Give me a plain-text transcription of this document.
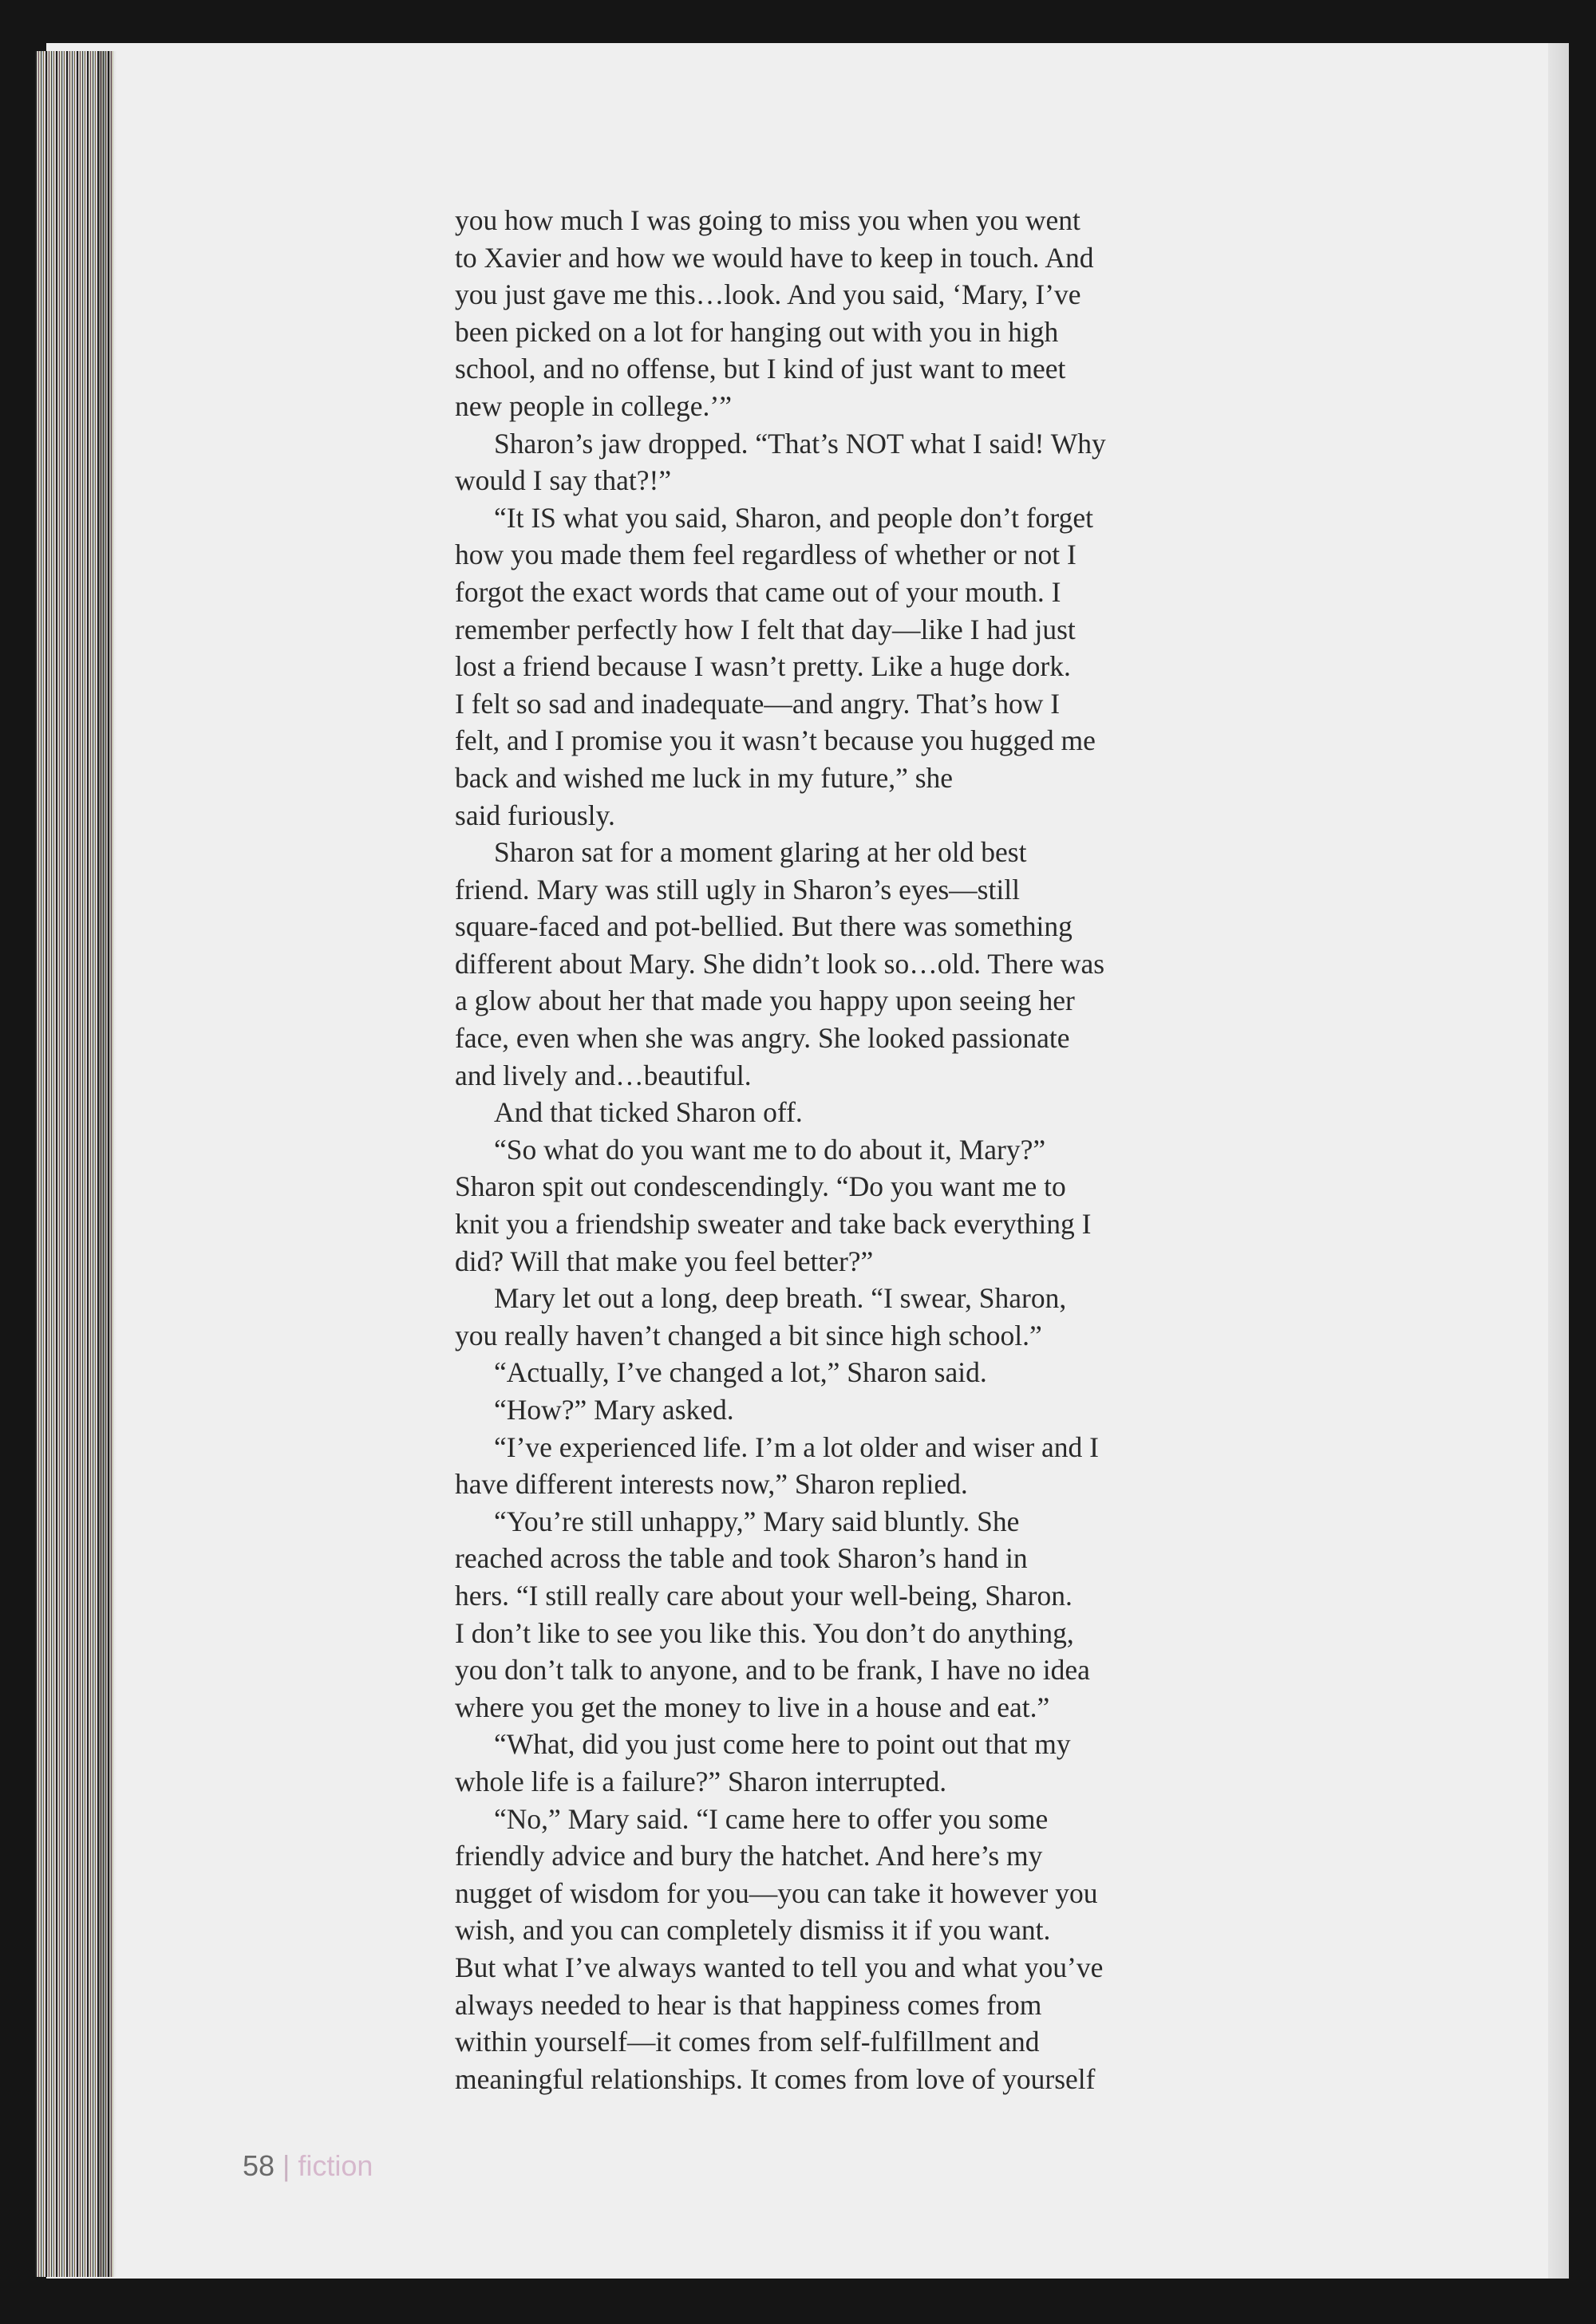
you how much I was going to miss you when you went
to Xavier and how we would have to keep in touch. And
you just gave me this…look. And you said, ‘Mary, I’ve
been picked on a lot for hanging out with you in high
school, and no offense, but I kind of just want to meet
new people in college.’”
Sharon’s jaw dropped. “That’s NOT what I said! Why
would I say that?!”
“It IS what you said, Sharon, and people don’t forget
how you made them feel regardless of whether or not I
forgot the exact words that came out of your mouth. I
remember perfectly how I felt that day—like I had just
lost a friend because I wasn’t pretty. Like a huge dork.
I felt so sad and inadequate—and angry. That’s how I
felt, and I promise you it wasn’t because you hugged me
back and wished me luck in my future,” she
said furiously.
Sharon sat for a moment glaring at her old best
friend. Mary was still ugly in Sharon’s eyes—still
square-faced and pot-bellied. But there was something
different about Mary. She didn’t look so…old. There was
a glow about her that made you happy upon seeing her
face, even when she was angry. She looked passionate
and lively and…beautiful.
And that ticked Sharon off.
“So what do you want me to do about it, Mary?”
Sharon spit out condescendingly. “Do you want me to
knit you a friendship sweater and take back everything I
did? Will that make you feel better?”
Mary let out a long, deep breath. “I swear, Sharon,
you really haven’t changed a bit since high school.”
“Actually, I’ve changed a lot,” Sharon said.
“How?” Mary asked.
“I’ve experienced life. I’m a lot older and wiser and I
have different interests now,” Sharon replied.
“You’re still unhappy,” Mary said bluntly. She
reached across the table and took Sharon’s hand in
hers. “I still really care about your well-being, Sharon.
I don’t like to see you like this. You don’t do anything,
you don’t talk to anyone, and to be frank, I have no idea
where you get the money to live in a house and eat.”
“What, did you just come here to point out that my
whole life is a failure?” Sharon interrupted.
“No,” Mary said. “I came here to offer you some
friendly advice and bury the hatchet. And here’s my
nugget of wisdom for you—you can take it however you
wish, and you can completely dismiss it if you want.
But what I’ve always wanted to tell you and what you’ve
always needed to hear is that happiness comes from
within yourself—it comes from self-fulfillment and
meaningful relationships. It comes from love of yourself
58 | fiction
